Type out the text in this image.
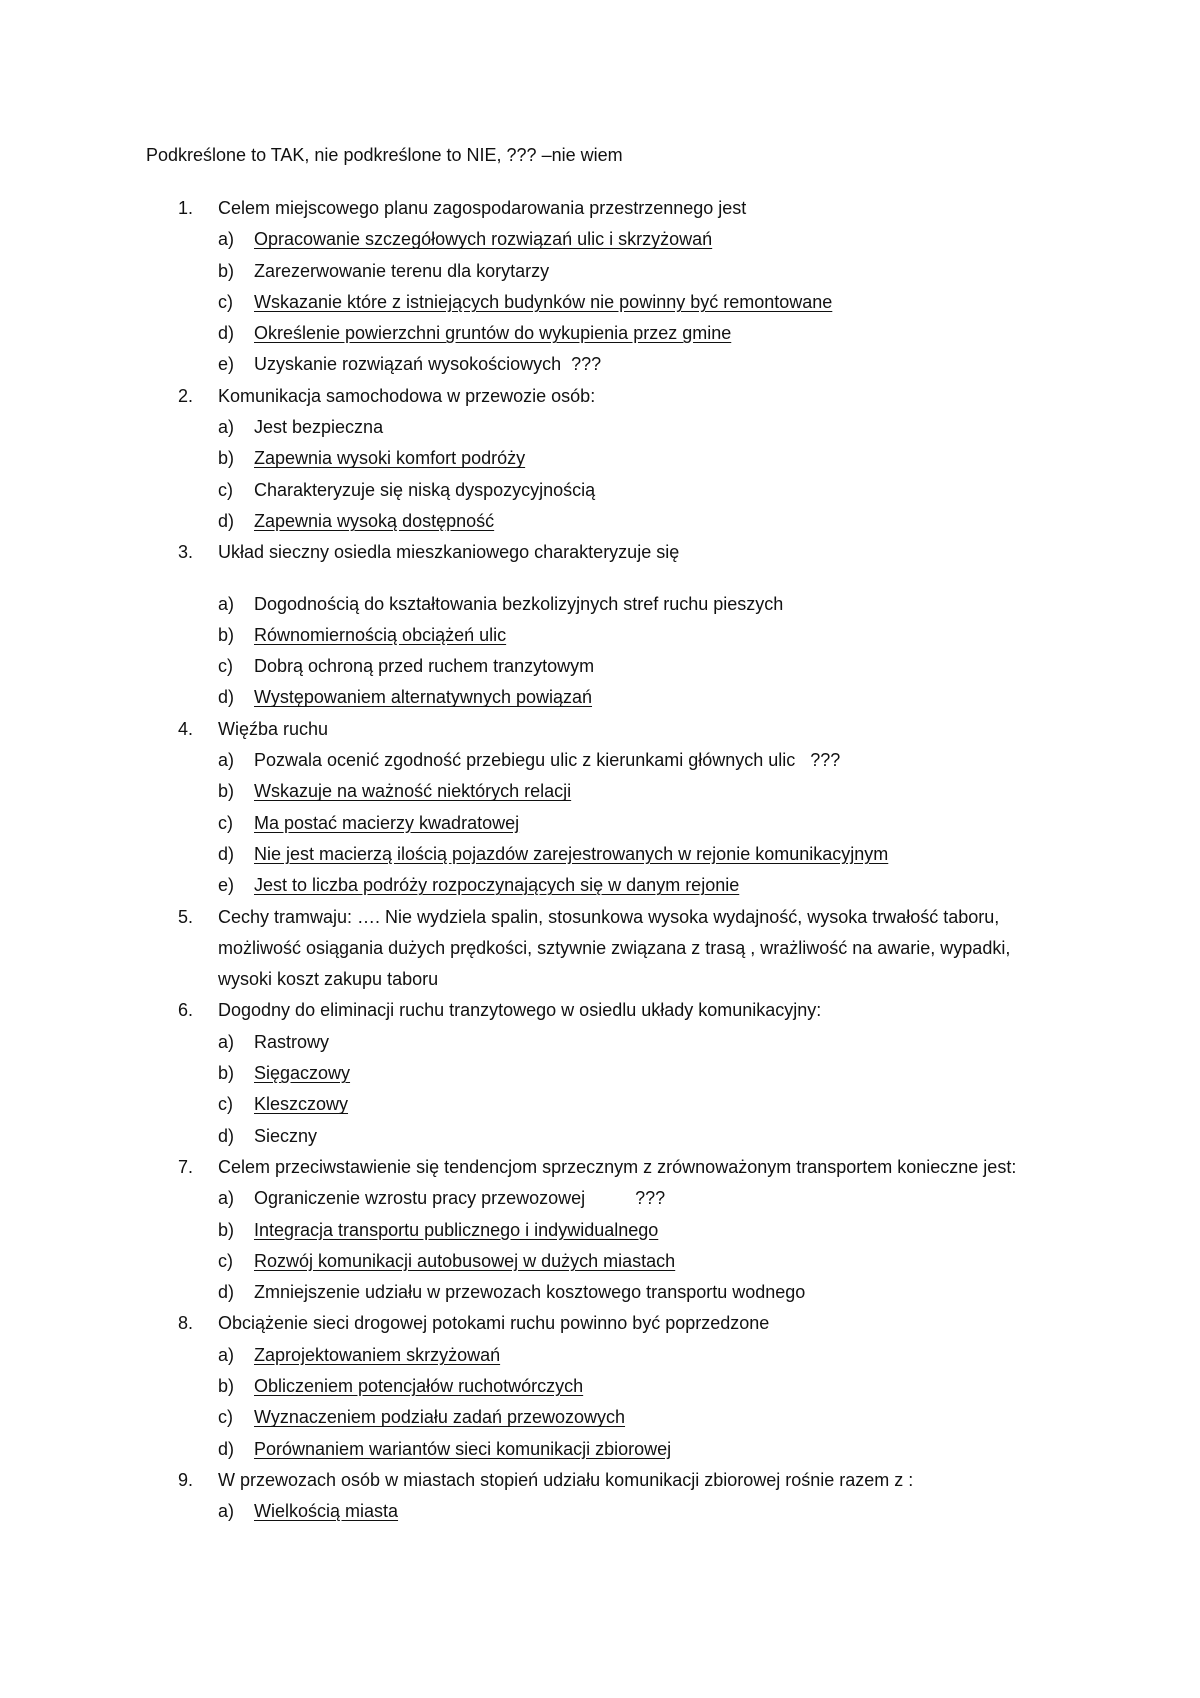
Podkreślone to TAK, nie podkreślone to NIE, ??? –nie wiem
1. Celem miejscowego planu zagospodarowania przestrzennego jest
a) Opracowanie szczegółowych rozwiązań ulic i skrzyżowań
b) Zarezerwowanie terenu dla korytarzy
c) Wskazanie które z istniejących budynków nie powinny być remontowane
d) Określenie powierzchni gruntów do wykupienia przez gmine
e) Uzyskanie rozwiązań wysokościowych  ???
2. Komunikacja samochodowa w przewozie osób:
a) Jest bezpieczna
b) Zapewnia wysoki komfort podróży
c) Charakteryzuje się niską dyspozycyjnością
d) Zapewnia wysoką dostępność
3. Układ sieczny osiedla mieszkaniowego charakteryzuje się
a) Dogodnością do kształtowania bezkolizyjnych stref ruchu pieszych
b) Równomiernością obciążeń ulic
c) Dobrą ochroną przed ruchem tranzytowym
d) Występowaniem alternatywnych powiązań
4. Więźba ruchu
a) Pozwala ocenić zgodność przebiegu ulic z kierunkami głównych ulic   ???
b) Wskazuje na ważność niektórych relacji
c) Ma postać macierzy kwadratowej
d) Nie jest macierzą ilością pojazdów zarejestrowanych w rejonie komunikacyjnym
e) Jest to liczba podróży rozpoczynających się w danym rejonie
5. Cechy tramwaju: …. Nie wydziela spalin, stosunkowa wysoka wydajność, wysoka trwałość taboru, możliwość osiągania dużych prędkości, sztywnie związana z trasą , wrażliwość na awarie, wypadki, wysoki koszt zakupu taboru
6. Dogodny do eliminacji ruchu tranzytowego w osiedlu układy komunikacyjny:
a) Rastrowy
b) Sięgaczowy
c) Kleszczowy
d) Sieczny
7. Celem przeciwstawienie się tendencjom sprzecznym z zrównoważonym transportem konieczne jest:
a) Ograniczenie wzrostu pracy przewozowej          ???
b) Integracja transportu publicznego i indywidualnego
c) Rozwój komunikacji autobusowej w dużych miastach
d) Zmniejszenie udziału w przewozach kosztowego transportu wodnego
8. Obciążenie sieci drogowej potokami ruchu powinno być poprzedzone
a) Zaprojektowaniem skrzyżowań
b) Obliczeniem potencjałów ruchotwórczych
c) Wyznaczeniem podziału zadań przewozowych
d) Porównaniem wariantów sieci komunikacji zbiorowej
9. W przewozach osób w miastach stopień udziału komunikacji zbiorowej rośnie razem z :
a) Wielkością miasta
